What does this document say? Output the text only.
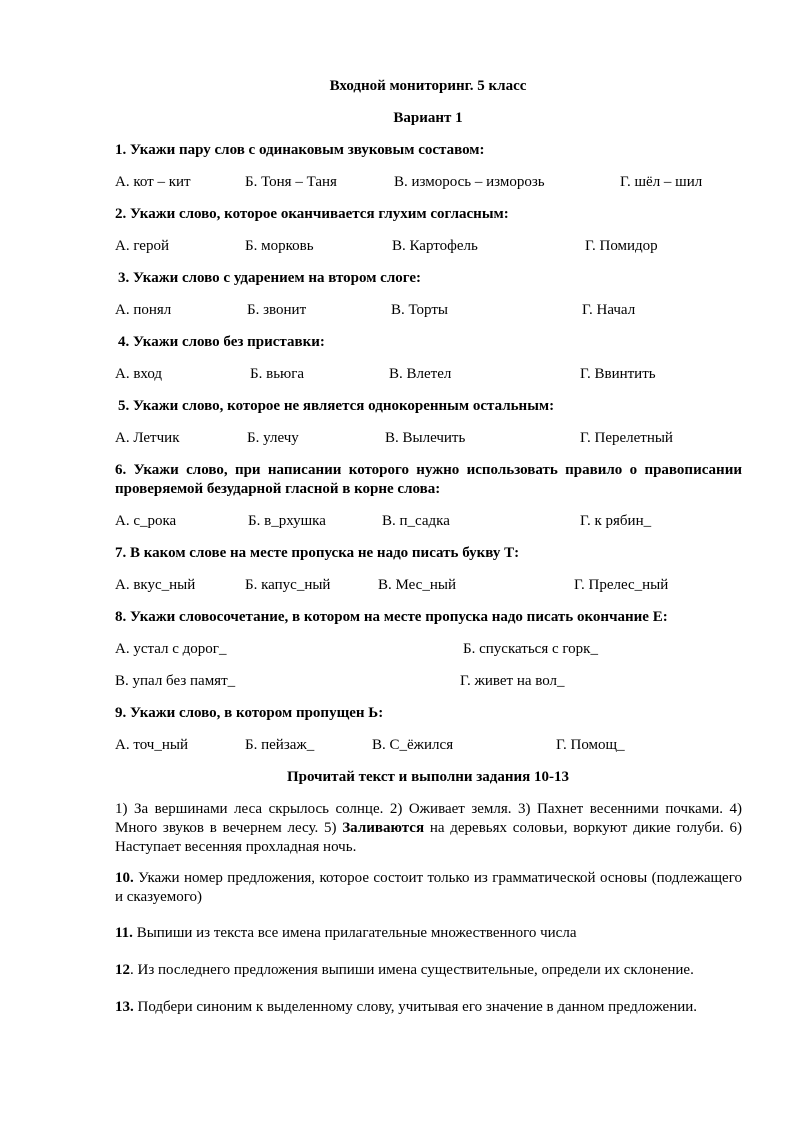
Входной мониторинг. 5 класс
Вариант 1
1. Укажи пару слов с одинаковым звуковым составом:
А. кот – кит	Б. Тоня – Таня	В. изморось – изморозь	Г. шёл – шил
2. Укажи слово, которое оканчивается глухим согласным:
А. герой	Б. морковь	В. Картофель	Г. Помидор
3. Укажи слово с ударением на втором слоге:
А. понял	Б. звонит	В. Торты	Г. Начал
4. Укажи слово без приставки:
А. вход	Б. вьюга	В. Влетел	Г. Ввинтить
5. Укажи слово, которое не является однокоренным остальным:
А. Летчик	Б. улечу	В. Вылечить	Г. Перелетный
6. Укажи слово, при написании которого нужно использовать правило о правописании проверяемой безударной гласной в корне слова:
А. с_рока	Б. в_рхушка	В. п_садка	Г. к рябин_
7. В каком слове на месте пропуска не надо писать букву Т:
А. вкус_ный	Б. капус_ный	В. Мес_ный	Г. Прелес_ный
8. Укажи словосочетание, в котором на месте пропуска надо писать окончание Е:
А. устал с дорог_	Б. спускаться с горк_
В. упал без памят_	Г. живет на вол_
9. Укажи слово, в котором пропущен Ь:
А. точ_ный	Б. пейзаж_	В. С_ёжился	Г. Помощ_
Прочитай текст и выполни задания 10-13
1) За вершинами леса скрылось солнце. 2) Оживает земля. 3) Пахнет весенними почками. 4) Много звуков в вечернем лесу. 5) Заливаются на деревьях соловьи, воркуют дикие голуби. 6) Наступает весенняя прохладная ночь.
10. Укажи номер предложения, которое состоит только из грамматической основы (подлежащего и сказуемого)
11. Выпиши из текста все имена прилагательные множественного числа
12. Из последнего предложения выпиши имена существительные, определи их склонение.
13. Подбери синоним к выделенному слову, учитывая его значение в данном предложении.
